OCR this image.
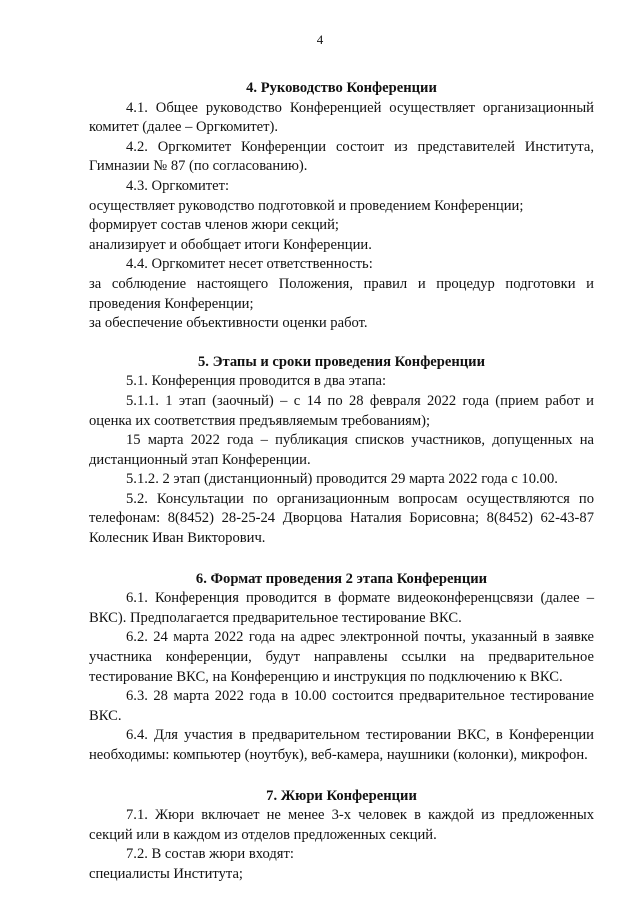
4
4. Руководство Конференции

4.1. Общее руководство Конференцией осуществляет организационный комитет (далее – Оргкомитет).

4.2. Оргкомитет Конференции состоит из представителей Института, Гимназии № 87 (по согласованию).

4.3. Оргкомитет:

осуществляет руководство подготовкой и проведением Конференции;

формирует состав членов жюри секций;

анализирует и обобщает итоги Конференции.

4.4. Оргкомитет несет ответственность:

за соблюдение настоящего Положения, правил и процедур подготовки и проведения Конференции;

за обеспечение объективности оценки работ.

5. Этапы и сроки проведения Конференции

5.1. Конференция проводится в два этапа:

5.1.1. 1 этап (заочный) – с 14 по 28 февраля 2022 года (прием работ и оценка их соответствия предъявляемым требованиям);

15 марта 2022 года – публикация списков участников, допущенных на дистанционный этап Конференции.

5.1.2. 2 этап (дистанционный) проводится 29 марта 2022 года с 10.00.

5.2. Консультации по организационным вопросам осуществляются по телефонам: 8(8452) 28-25-24 Дворцова Наталия Борисовна; 8(8452) 62-43-87 Колесник Иван Викторович.

6. Формат проведения 2 этапа Конференции

6.1. Конференция проводится в формате видеоконференцсвязи (далее – ВКС). Предполагается предварительное тестирование ВКС.

6.2. 24 марта 2022 года на адрес электронной почты, указанный в заявке участника конференции, будут направлены ссылки на предварительное тестирование ВКС, на Конференцию и инструкция по подключению к ВКС.

6.3. 28 марта 2022 года в 10.00 состоится предварительное тестирование ВКС.

6.4. Для участия в предварительном тестировании ВКС, в Конференции необходимы: компьютер (ноутбук), веб-камера, наушники (колонки), микрофон.

7. Жюри Конференции

7.1. Жюри включает не менее 3-х человек в каждой из предложенных секций или в каждом из отделов предложенных секций.

7.2. В состав жюри входят:

специалисты Института;
